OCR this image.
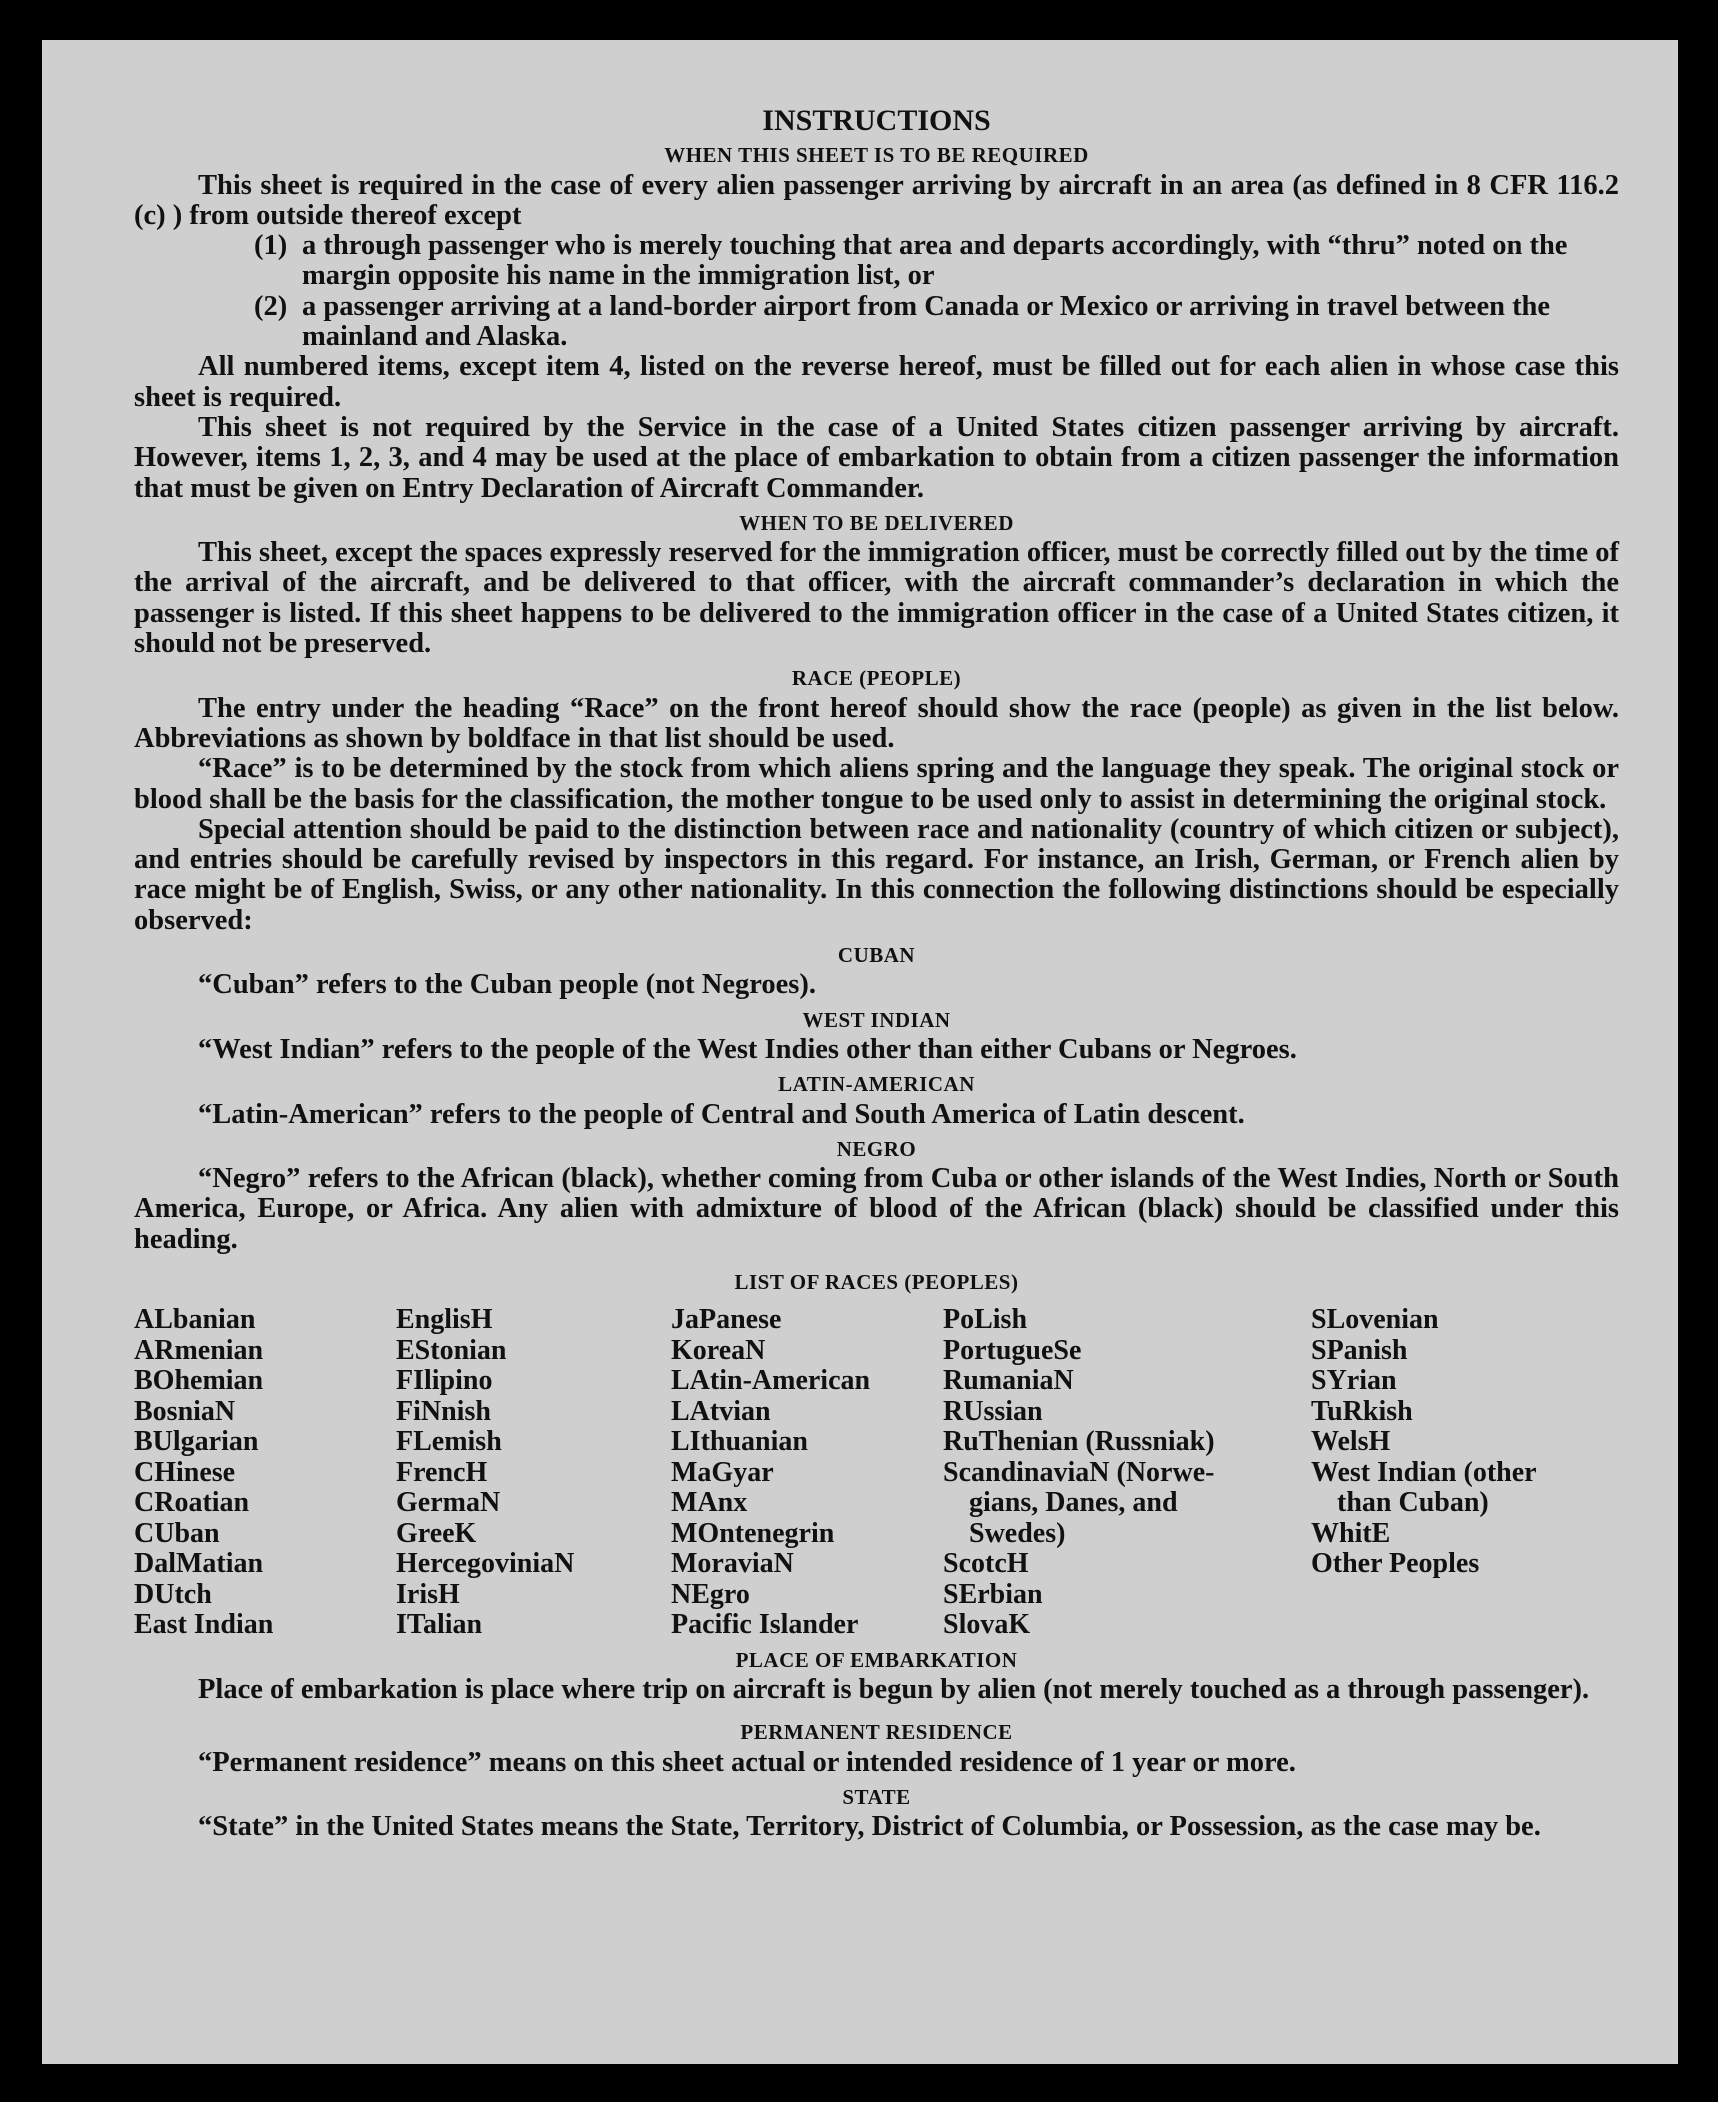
INSTRUCTIONS

WHEN THIS SHEET IS TO BE REQUIRED

This sheet is required in the case of every alien passenger arriving by aircraft in an area (as defined in 8 CFR 116.2 (c) ) from outside thereof except

(1) a through passenger who is merely touching that area and departs accordingly, with “thru” noted on the margin opposite his name in the immigration list, or
(2) a passenger arriving at a land-border airport from Canada or Mexico or arriving in travel between the mainland and Alaska.

All numbered items, except item 4, listed on the reverse hereof, must be filled out for each alien in whose case this sheet is required.

This sheet is not required by the Service in the case of a United States citizen passenger arriving by aircraft. However, items 1, 2, 3, and 4 may be used at the place of embarkation to obtain from a citizen passenger the information that must be given on Entry Declaration of Aircraft Commander.

WHEN TO BE DELIVERED

This sheet, except the spaces expressly reserved for the immigration officer, must be correctly filled out by the time of the arrival of the aircraft, and be delivered to that officer, with the aircraft commander’s declaration in which the passenger is listed. If this sheet happens to be delivered to the immigration officer in the case of a United States citizen, it should not be preserved.

RACE (PEOPLE)

The entry under the heading “Race” on the front hereof should show the race (people) as given in the list below. Abbreviations as shown by boldface in that list should be used.

“Race” is to be determined by the stock from which aliens spring and the language they speak. The original stock or blood shall be the basis for the classification, the mother tongue to be used only to assist in determining the original stock.

Special attention should be paid to the distinction between race and nationality (country of which citizen or subject), and entries should be carefully revised by inspectors in this regard. For instance, an Irish, German, or French alien by race might be of English, Swiss, or any other nationality. In this connection the following distinctions should be especially observed:

CUBAN

“Cuban” refers to the Cuban people (not Negroes).

WEST INDIAN

“West Indian” refers to the people of the West Indies other than either Cubans or Negroes.

LATIN-AMERICAN

“Latin-American” refers to the people of Central and South America of Latin descent.

NEGRO

“Negro” refers to the African (black), whether coming from Cuba or other islands of the West Indies, North or South America, Europe, or Africa. Any alien with admixture of blood of the African (black) should be classified under this heading.

LIST OF RACES (PEOPLES)

ALbanian
ARmenian
BOhemian
BosniaN
BUlgarian
CHinese
CRoatian
CUban
DalMatian
DUtch
East Indian
EnglisH
EStonian
FIlipino
FiNnish
FLemish
FrencH
GermaN
GreeK
HercegoviniaN
IrisH
ITalian
JaPanese
KoreaN
LAtin-American
LAtvian
LIthuanian
MaGyar
MAnx
MOntenegrin
MoraviaN
NEgro
Pacific Islander
PoLish
PortugueSe
RumaniaN
RUssian
RuThenian (Russniak)
ScandinaviaN (Norwe-
gians, Danes, and
Swedes)
ScotcH
SErbian
SlovaK
SLovenian
SPanish
SYrian
TuRkish
WelsH
West Indian (other
than Cuban)
WhitE
Other Peoples

PLACE OF EMBARKATION

Place of embarkation is place where trip on aircraft is begun by alien (not merely touched as a through passenger).

PERMANENT RESIDENCE

“Permanent residence” means on this sheet actual or intended residence of 1 year or more.

STATE

“State” in the United States means the State, Territory, District of Columbia, or Possession, as the case may be.
